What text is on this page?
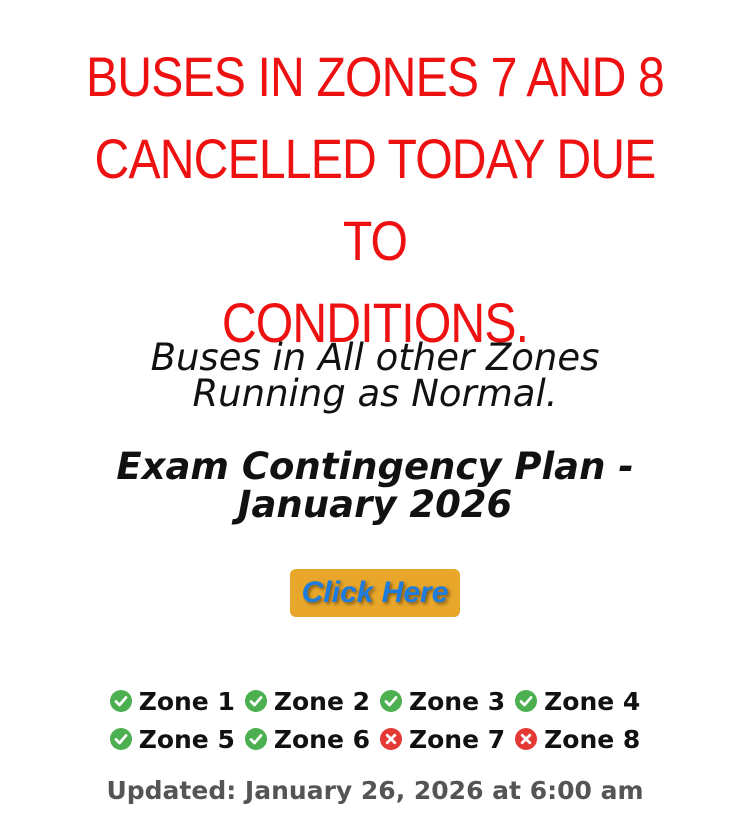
BUSES IN ZONES 7 AND 8
CANCELLED TODAY DUE TO
CONDITIONS.

Buses in All other Zones
Running as Normal.

Exam Contingency Plan -
January 2026
Click Here
Zone 1 Zone 2 Zone 3 Zone 4
Zone 5 Zone 6 Zone 7 Zone 8

Updated: January 26, 2026 at 6:00 am
